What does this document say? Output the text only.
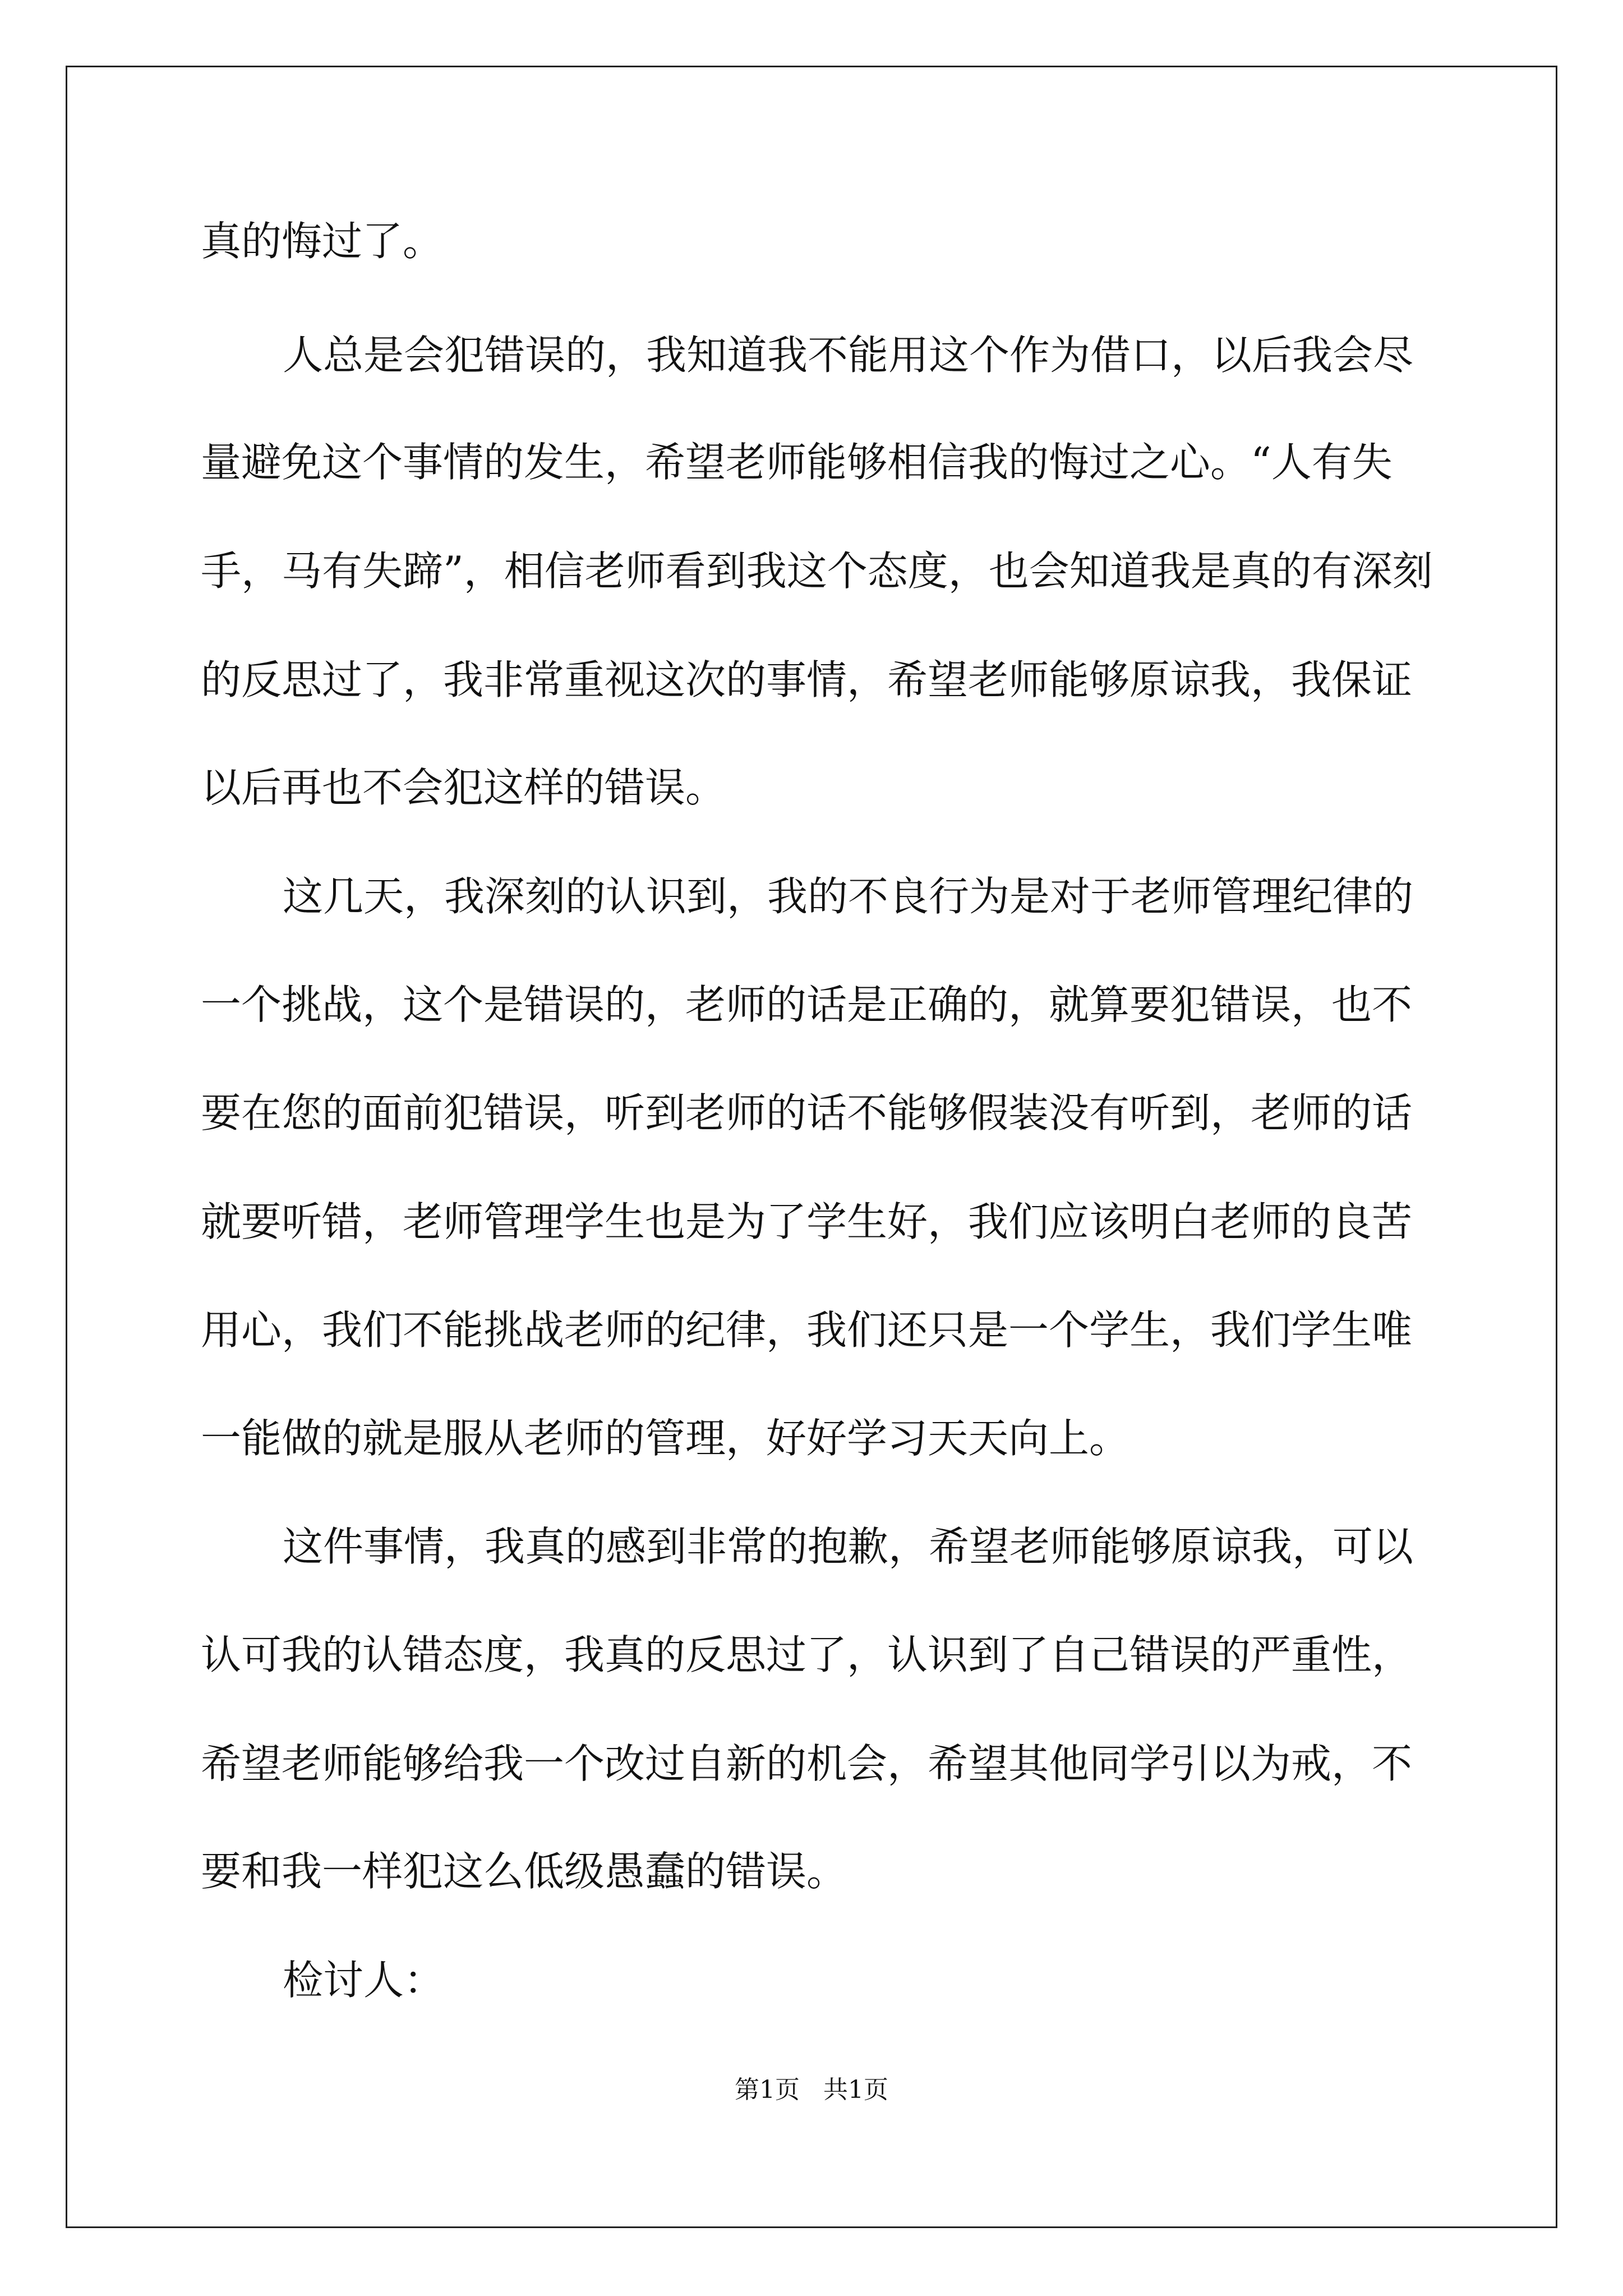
真的悔过了。
人总是会犯错误的，我知道我不能用这个作为借口，以后我会尽
量避免这个事情的发生，希望老师能够相信我的悔过之心。“人有失
手，马有失蹄”，相信老师看到我这个态度，也会知道我是真的有深刻
的反思过了，我非常重视这次的事情，希望老师能够原谅我，我保证
以后再也不会犯这样的错误。
这几天，我深刻的认识到，我的不良行为是对于老师管理纪律的
一个挑战，这个是错误的，老师的话是正确的，就算要犯错误，也不
要在您的面前犯错误，听到老师的话不能够假装没有听到，老师的话
就要听错，老师管理学生也是为了学生好，我们应该明白老师的良苦
用心，我们不能挑战老师的纪律，我们还只是一个学生，我们学生唯
一能做的就是服从老师的管理，好好学习天天向上。
这件事情，我真的感到非常的抱歉，希望老师能够原谅我，可以
认可我的认错态度，我真的反思过了，认识到了自己错误的严重性，
希望老师能够给我一个改过自新的机会，希望其他同学引以为戒，不
要和我一样犯这么低级愚蠢的错误。
检讨人：
第1页   共1页
